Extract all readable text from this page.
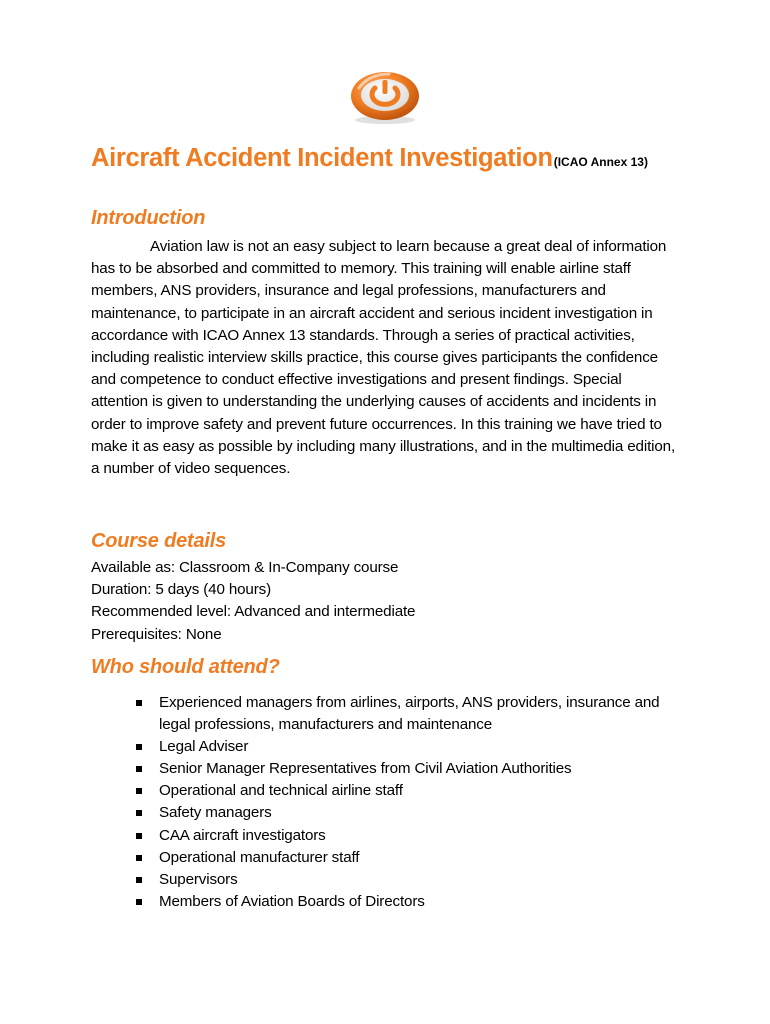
Aircraft Accident Incident Investigation(ICAO Annex 13)
Introduction

Aviation law is not an easy subject to learn because a great deal of information has to be absorbed and committed to memory. This training will enable airline staff members, ANS providers, insurance and legal professions, manufacturers and maintenance, to participate in an aircraft accident and serious incident investigation in accordance with ICAO Annex 13 standards. Through a series of practical activities, including realistic interview skills practice, this course gives participants the confidence and competence to conduct effective investigations and present findings. Special attention is given to understanding the underlying causes of accidents and incidents in order to improve safety and prevent future occurrences. In this training we have tried to make it as easy as possible by including many illustrations, and in the multimedia edition, a number of video sequences.

Course details
Available as: Classroom & In-Company course
Duration: 5 days (40 hours)
Recommended level: Advanced and intermediate
Prerequisites: None
Who should attend?
Experienced managers from airlines, airports, ANS providers, insurance and legal professions, manufacturers and maintenance
Legal Adviser
Senior Manager Representatives from Civil Aviation Authorities
Operational and technical airline staff
Safety managers
CAA aircraft investigators
Operational manufacturer staff
Supervisors
Members of Aviation Boards of Directors
